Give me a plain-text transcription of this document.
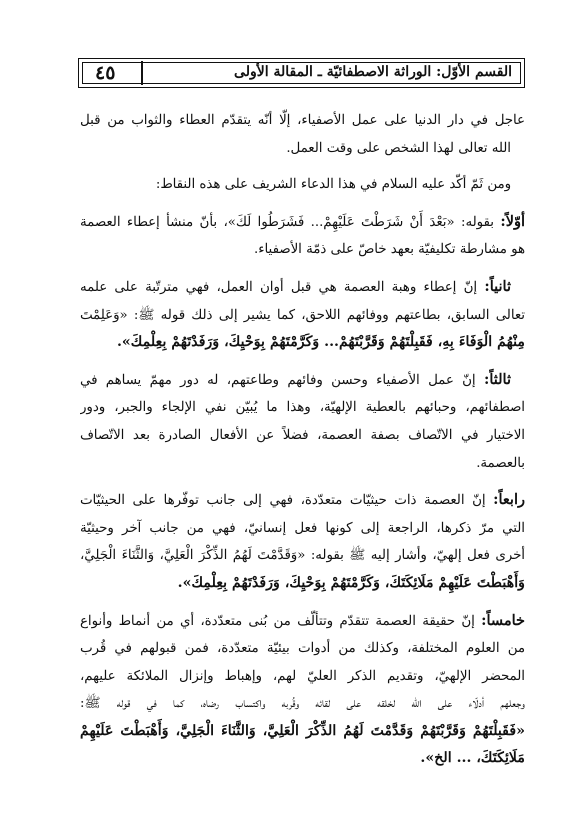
٤٥	القسم الأوّل: الوراثة الاصطفائيّة ـ المقالة الأولى
عاجل في دار الدنيا على عمل الأصفياء، إلّا أنّه يتقدّم العطاء والثواب من قبل
الله تعالى لهذا الشخص على وقت العمل.
ومن ثَمّ أكّد عليه السلام في هذا الدعاء الشريف على هذه النقاط:
أوّلاً: بقوله: «بَعْدَ أَنْ شَرَطْتَ عَلَيْهِمْ... فَشَرَطُوا لَكَ»، بأنّ منشأ إعطاء العصمة
هو مشارطة تكليفيّة بعهد خاصّ على ذمّة الأصفياء.
ثانياً: إنّ إعطاء وهبة العصمة هي قبل أوان العمل، فهي مترتّبة على علمه
تعالى السابق، بطاعتهم ووفائهم اللاحق، كما يشير إلى ذلك قوله ﷺ: «وَعَلِمْتَ
مِنْهُمُ الْوَفَاءَ بِهِ، فَقَبِلْتَهُمْ وَقَرَّبْتَهُمْ... وَكَرَّمْتَهُمْ بِوَحْيِكَ، وَرَفَدْتَهُمْ بِعِلْمِكَ».
ثالثاً: إنّ عمل الأصفياء وحسن وفائهم وطاعتهم، له دور مهمّ يساهم في
اصطفائهم، وحبائهم بالعطية الإلهيّة، وهذا ما يُبيّن نفي الإلجاء والجبر، ودور
الاختيار في الاتّصاف بصفة العصمة، فضلاً عن الأفعال الصادرة بعد الاتّصاف
بالعصمة.
رابعاً: إنّ العصمة ذات حيثيّات متعدّدة، فهي إلى جانب توفّرها على الحيثيّات
التي مرّ ذكرها، الراجعة إلى كونها فعل إنسانيّ، فهي من جانب آخر وحيثيّة
أخرى فعل إلهيّ، وأشار إليه ﷺ بقوله: «وَقَدَّمْتَ لَهُمُ الذِّكْرَ الْعَلِيَّ، وَالثَّنَاءَ الْجَلِيَّ،
وَأَهْبَطْتَ عَلَيْهِمْ مَلَائِكَتَكَ، وَكَرَّمْتَهُمْ بِوَحْيِكَ، وَرَفَدْتَهُمْ بِعِلْمِكَ».
خامساً: إنّ حقيقة العصمة تتقدّم وتتألّف من بُنى متعدّدة، أي من أنماط وأنواع
من العلوم المختلفة، وكذلك من أدوات بيئيّة متعدّدة، فمن قبولهم في قُرب
المحضر الإلهيّ، وتقديم الذكر العليّ لهم، وإهباط وإنزال الملائكة عليهم،
وجعلهم أدلّاء على الله لخلقه على لقائه وقُربه واكتساب رضاه، كما في قوله ﷺ:
«فَقَبِلْتَهُمْ وَقَرَّبْتَهُمْ وَقَدَّمْتَ لَهُمُ الذِّكْرَ الْعَلِيَّ، وَالثَّنَاءَ الْجَلِيَّ، وَأَهْبَطْتَ عَلَيْهِمْ
مَلَائِكَتَكَ، ... الخ».
